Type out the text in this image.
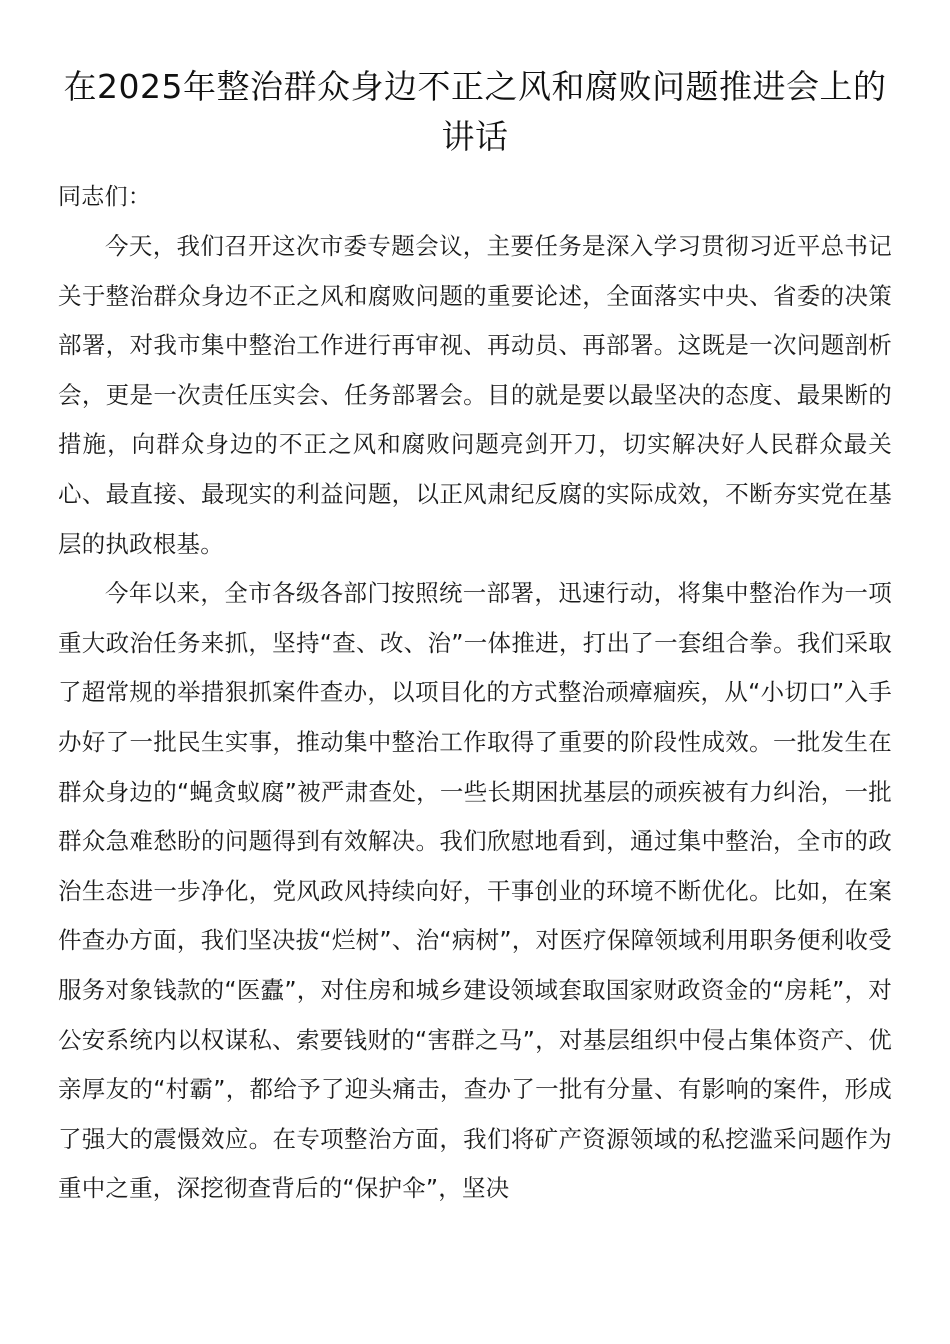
在2025年整治群众身边不正之风和腐败问题推进会上的讲话

同志们：

今天，我们召开这次市委专题会议，主要任务是深入学习贯彻习近平总书记关于整治群众身边不正之风和腐败问题的重要论述，全面落实中央、省委的决策部署，对我市集中整治工作进行再审视、再动员、再部署。这既是一次问题剖析会，更是一次责任压实会、任务部署会。目的就是要以最坚决的态度、最果断的措施，向群众身边的不正之风和腐败问题亮剑开刀，切实解决好人民群众最关心、最直接、最现实的利益问题，以正风肃纪反腐的实际成效，不断夯实党在基层的执政根基。

今年以来，全市各级各部门按照统一部署，迅速行动，将集中整治作为一项重大政治任务来抓，坚持“查、改、治”一体推进，打出了一套组合拳。我们采取了超常规的举措狠抓案件查办，以项目化的方式整治顽瘴痼疾，从“小切口”入手办好了一批民生实事，推动集中整治工作取得了重要的阶段性成效。一批发生在群众身边的“蝇贪蚁腐”被严肃查处，一些长期困扰基层的顽疾被有力纠治，一批群众急难愁盼的问题得到有效解决。我们欣慰地看到，通过集中整治，全市的政治生态进一步净化，党风政风持续向好，干事创业的环境不断优化。比如，在案件查办方面，我们坚决拔“烂树”、治“病树”，对医疗保障领域利用职务便利收受服务对象钱款的“医蠹”，对住房和城乡建设领域套取国家财政资金的“房耗”，对公安系统内以权谋私、索要钱财的“害群之马”，对基层组织中侵占集体资产、优亲厚友的“村霸”，都给予了迎头痛击，查办了一批有分量、有影响的案件，形成了强大的震慑效应。在专项整治方面，我们将矿产资源领域的私挖滥采问题作为重中之重，深挖彻查背后的“保护伞”，坚决
